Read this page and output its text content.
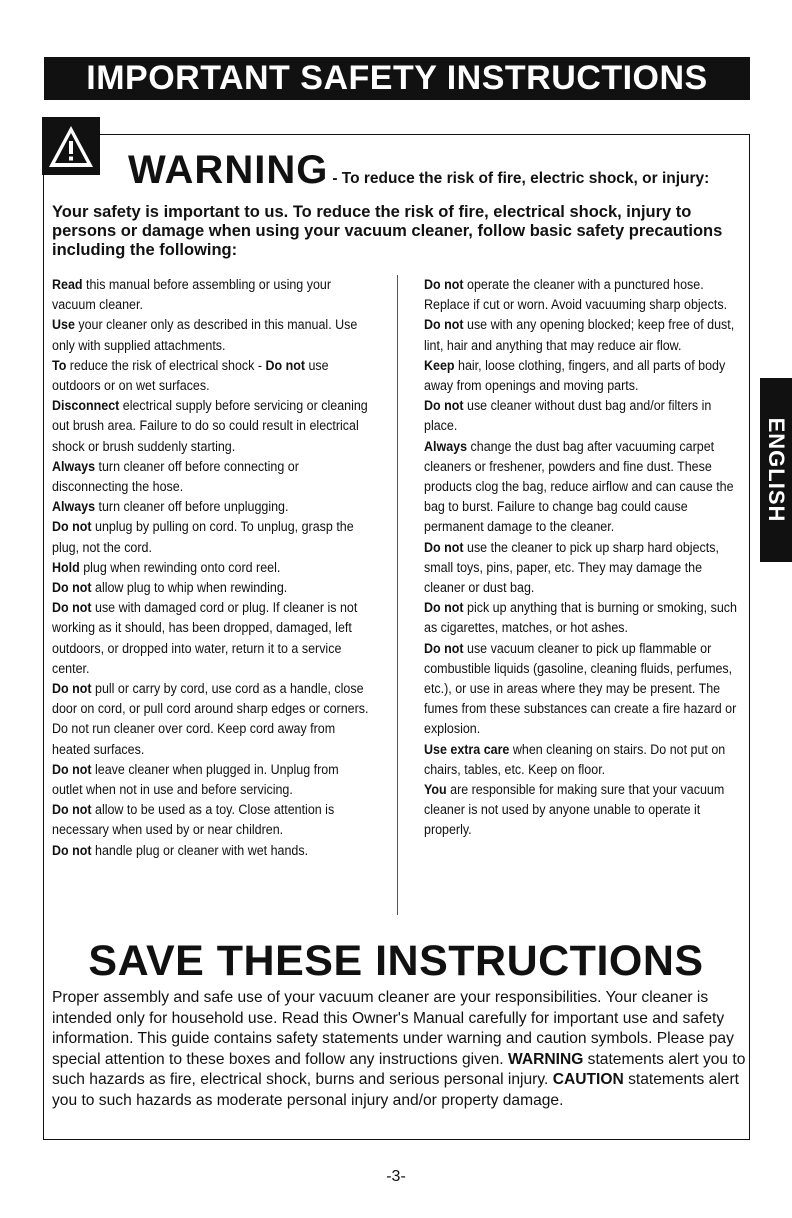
IMPORTANT SAFETY INSTRUCTIONS
WARNING - To reduce the risk of fire, electric shock, or injury:
Your safety is important to us. To reduce the risk of fire, electrical shock, injury to persons or damage when using your vacuum cleaner, follow basic safety precautions including the following:

Read this manual before assembling or using your vacuum cleaner.

Use your cleaner only as described in this manual. Use only with supplied attachments.

To reduce the risk of electrical shock - Do not use outdoors or on wet surfaces.

Disconnect electrical supply before servicing or cleaning out brush area. Failure to do so could result in electrical shock or brush suddenly starting.

Always turn cleaner off before connecting or disconnecting the hose.

Always turn cleaner off before unplugging.

Do not unplug by pulling on cord. To unplug, grasp the plug, not the cord.

Hold plug when rewinding onto cord reel.

Do not allow plug to whip when rewinding.

Do not use with damaged cord or plug. If cleaner is not working as it should, has been dropped, damaged, left outdoors, or dropped into water, return it to a service center.

Do not pull or carry by cord, use cord as a handle, close door on cord, or pull cord around sharp edges or corners. Do not run cleaner over cord. Keep cord away from heated surfaces.

Do not leave cleaner when plugged in. Unplug from outlet when not in use and before servicing.

Do not allow to be used as a toy. Close attention is necessary when used by or near children.

Do not handle plug or cleaner with wet hands.

Do not operate the cleaner with a punctured hose. Replace if cut or worn. Avoid vacuuming sharp objects.

Do not use with any opening blocked; keep free of dust, lint, hair and anything that may reduce air flow.

Keep hair, loose clothing, fingers, and all parts of body away from openings and moving parts.

Do not use cleaner without dust bag and/or filters in place.

Always change the dust bag after vacuuming carpet cleaners or freshener, powders and fine dust. These products clog the bag, reduce airflow and can cause the bag to burst. Failure to change bag could cause permanent damage to the cleaner.

Do not use the cleaner to pick up sharp hard objects, small toys, pins, paper, etc. They may damage the cleaner or dust bag.

Do not pick up anything that is burning or smoking, such as cigarettes, matches, or hot ashes.

Do not use vacuum cleaner to pick up flammable or combustible liquids (gasoline, cleaning fluids, perfumes, etc.), or use in areas where they may be present. The fumes from these substances can create a fire hazard or explosion.

Use extra care when cleaning on stairs. Do not put on chairs, tables, etc. Keep on floor.

You are responsible for making sure that your vacuum cleaner is not used by anyone unable to operate it properly.

SAVE THESE INSTRUCTIONS
Proper assembly and safe use of your vacuum cleaner are your responsibilities. Your cleaner is intended only for household use. Read this Owner's Manual carefully for important use and safety information. This guide contains safety statements under warning and caution symbols. Please pay special attention to these boxes and follow any instructions given. WARNING statements alert you to such hazards as fire, electrical shock, burns and serious personal injury. CAUTION statements alert you to such hazards as moderate personal injury and/or property damage.
ENGLISH
-3-
